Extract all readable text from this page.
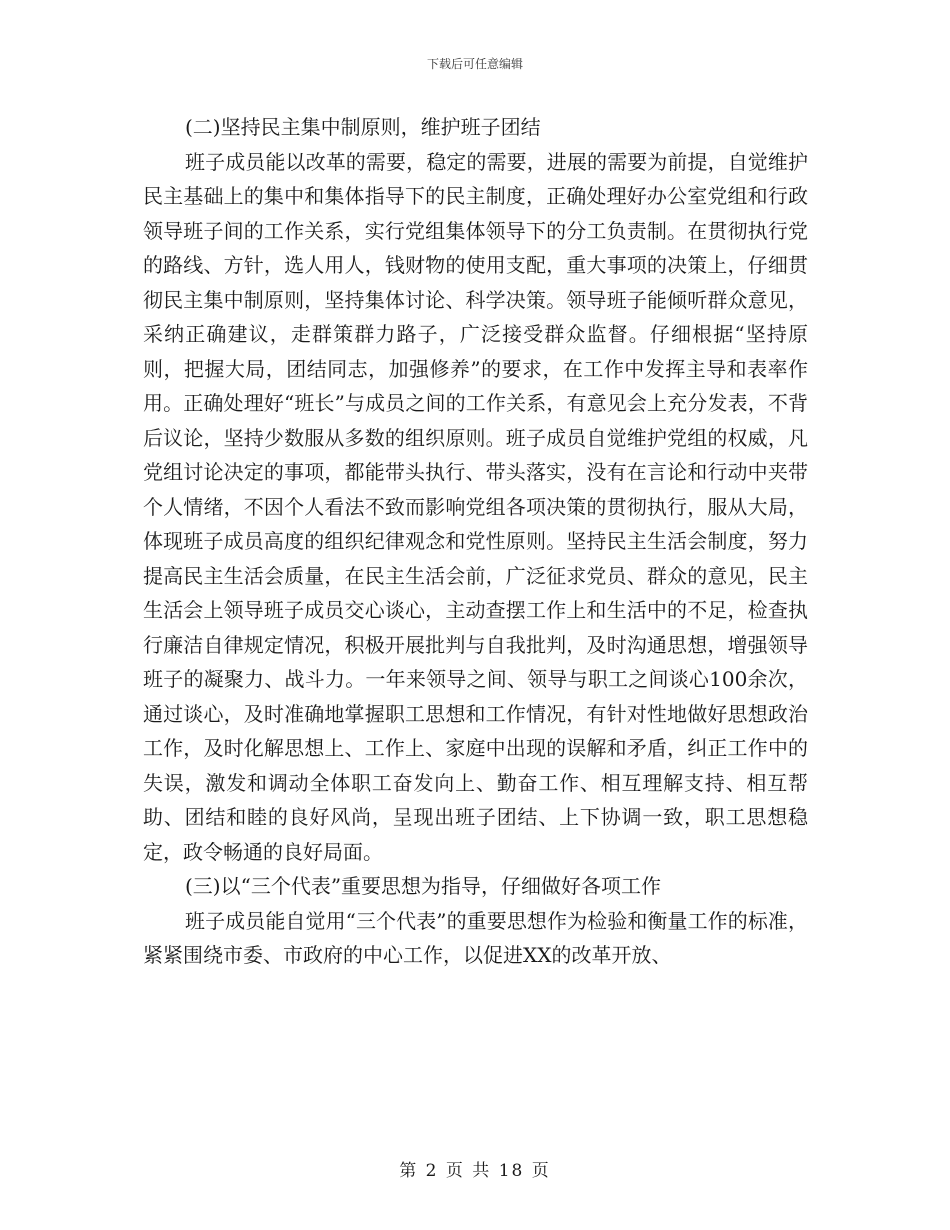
下载后可任意编辑

(二)坚持民主集中制原则，维护班子团结

班子成员能以改革的需要，稳定的需要，进展的需要为前提，自觉维护民主基础上的集中和集体指导下的民主制度，正确处理好办公室党组和行政领导班子间的工作关系，实行党组集体领导下的分工负责制。在贯彻执行党的路线、方针，选人用人，钱财物的使用支配，重大事项的决策上，仔细贯彻民主集中制原则，坚持集体讨论、科学决策。领导班子能倾听群众意见，采纳正确建议，走群策群力路子，广泛接受群众监督。仔细根据“坚持原则，把握大局，团结同志，加强修养”的要求，在工作中发挥主导和表率作用。正确处理好“班长”与成员之间的工作关系，有意见会上充分发表，不背后议论，坚持少数服从多数的组织原则。班子成员自觉维护党组的权威，凡党组讨论决定的事项，都能带头执行、带头落实，没有在言论和行动中夹带个人情绪，不因个人看法不致而影响党组各项决策的贯彻执行，服从大局，体现班子成员高度的组织纪律观念和党性原则。坚持民主生活会制度，努力提高民主生活会质量，在民主生活会前，广泛征求党员、群众的意见，民主生活会上领导班子成员交心谈心，主动查摆工作上和生活中的不足，检查执行廉洁自律规定情况，积极开展批判与自我批判，及时沟通思想，增强领导班子的凝聚力、战斗力。一年来领导之间、领导与职工之间谈心100余次，通过谈心，及时准确地掌握职工思想和工作情况，有针对性地做好思想政治工作，及时化解思想上、工作上、家庭中出现的误解和矛盾，纠正工作中的失误，激发和调动全体职工奋发向上、勤奋工作、相互理解支持、相互帮助、团结和睦的良好风尚，呈现出班子团结、上下协调一致，职工思想稳定，政令畅通的良好局面。

(三)以“三个代表”重要思想为指导，仔细做好各项工作

班子成员能自觉用“三个代表”的重要思想作为检验和衡量工作的标准，紧紧围绕市委、市政府的中心工作，以促进XX的改革开放、

第 2 页 共 18 页
